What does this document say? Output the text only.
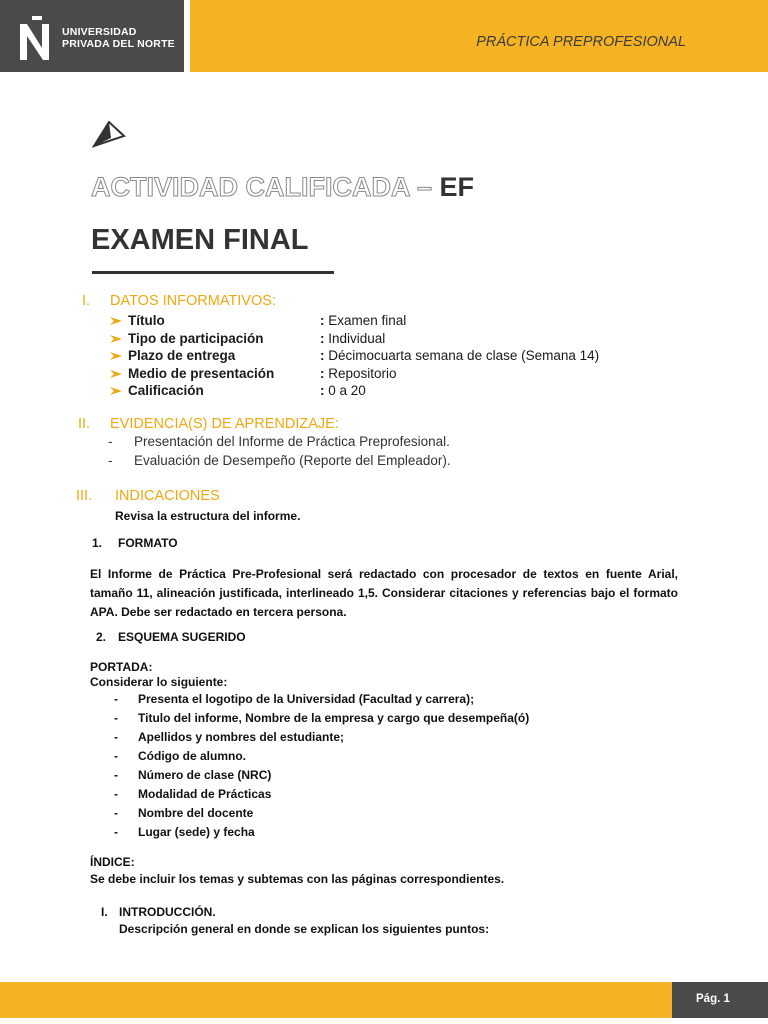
UNIVERSIDAD
PRIVADA DEL NORTE	PRÁCTICA PREPROFESIONAL
ACTIVIDAD CALIFICADA – EF
EXAMEN FINAL
I. DATOS INFORMATIVOS:
Título	: Examen final
Tipo de participación	: Individual
Plazo de entrega	: Décimocuarta semana de clase (Semana 14)
Medio de presentación	: Repositorio
Calificación	: 0 a 20
II. EVIDENCIA(S) DE APRENDIZAJE:
- Presentación del Informe de Práctica Preprofesional.
- Evaluación de Desempeño (Reporte del Empleador).
III. INDICACIONES
Revisa la estructura del informe.
1. FORMATO
El Informe de Práctica Pre-Profesional será redactado con procesador de textos en fuente Arial, tamaño 11, alineación justificada, interlineado 1,5. Considerar citaciones y referencias bajo el formato APA. Debe ser redactado en tercera persona.
2. ESQUEMA SUGERIDO
PORTADA:
Considerar lo siguiente:
- Presenta el logotipo de la Universidad (Facultad y carrera);
- Titulo del informe, Nombre de la empresa y cargo que desempeña(ó)
- Apellidos y nombres del estudiante;
- Código de alumno.
- Número de clase (NRC)
- Modalidad de Prácticas
- Nombre del docente
- Lugar (sede) y fecha
ÍNDICE:
Se debe incluir los temas y subtemas con las páginas correspondientes.
I. INTRODUCCIÓN.
Descripción general en donde se explican los siguientes puntos:
Pág. 1
